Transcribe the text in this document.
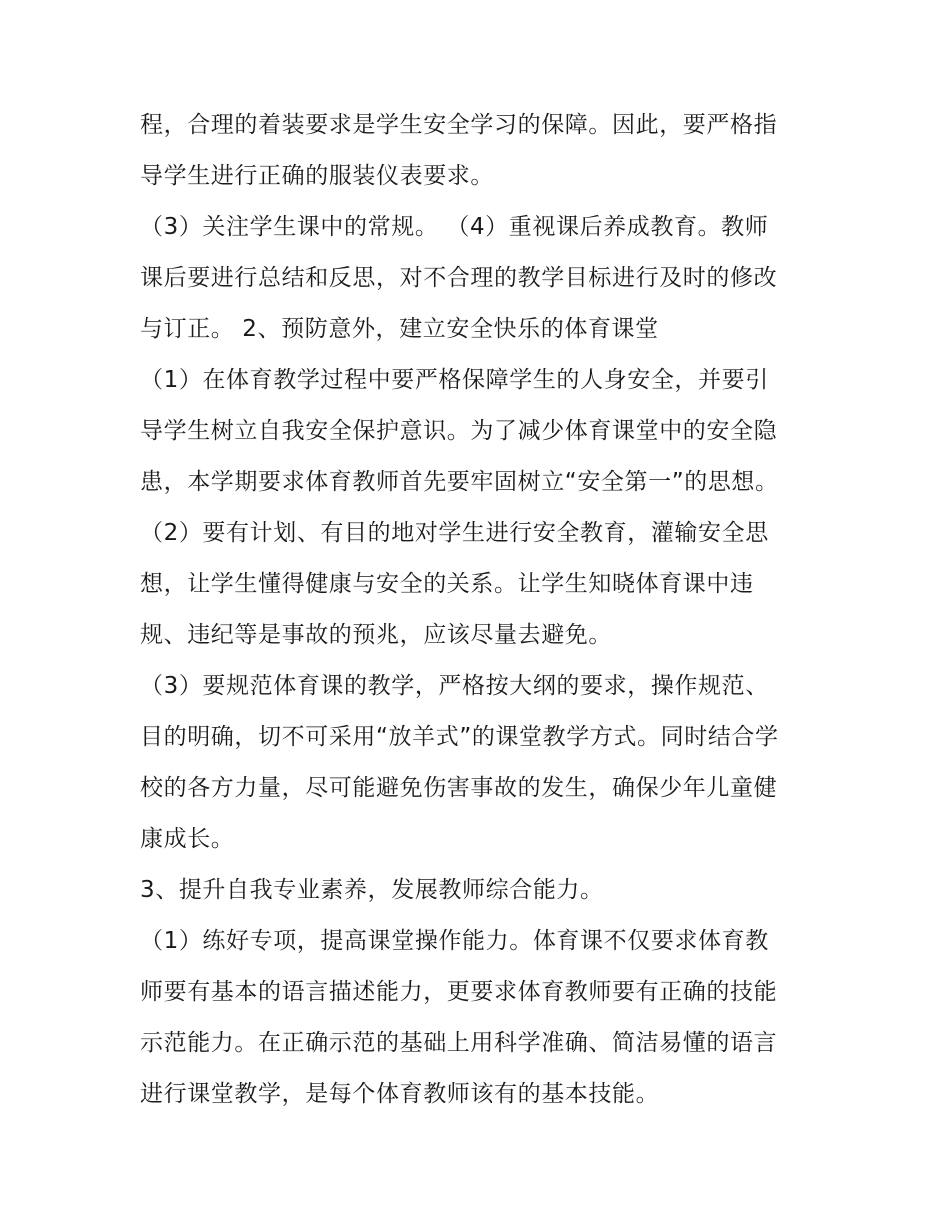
程，合理的着装要求是学生安全学习的保障。因此，要严格指
导学生进行正确的服装仪表要求。
（3）关注学生课中的常规。 （4）重视课后养成教育。教师
课后要进行总结和反思，对不合理的教学目标进行及时的修改
与订正。 2、预防意外，建立安全快乐的体育课堂
（1）在体育教学过程中要严格保障学生的人身安全，并要引
导学生树立自我安全保护意识。为了减少体育课堂中的安全隐
患，本学期要求体育教师首先要牢固树立“安全第一”的思想。
（2）要有计划、有目的地对学生进行安全教育，灌输安全思
想，让学生懂得健康与安全的关系。让学生知晓体育课中违
规、违纪等是事故的预兆，应该尽量去避免。
（3）要规范体育课的教学，严格按大纲的要求，操作规范、
目的明确，切不可采用“放羊式”的课堂教学方式。同时结合学
校的各方力量，尽可能避免伤害事故的发生，确保少年儿童健
康成长。
3、提升自我专业素养，发展教师综合能力。
（1）练好专项，提高课堂操作能力。体育课不仅要求体育教
师要有基本的语言描述能力，更要求体育教师要有正确的技能
示范能力。在正确示范的基础上用科学准确、简洁易懂的语言
进行课堂教学，是每个体育教师该有的基本技能。
